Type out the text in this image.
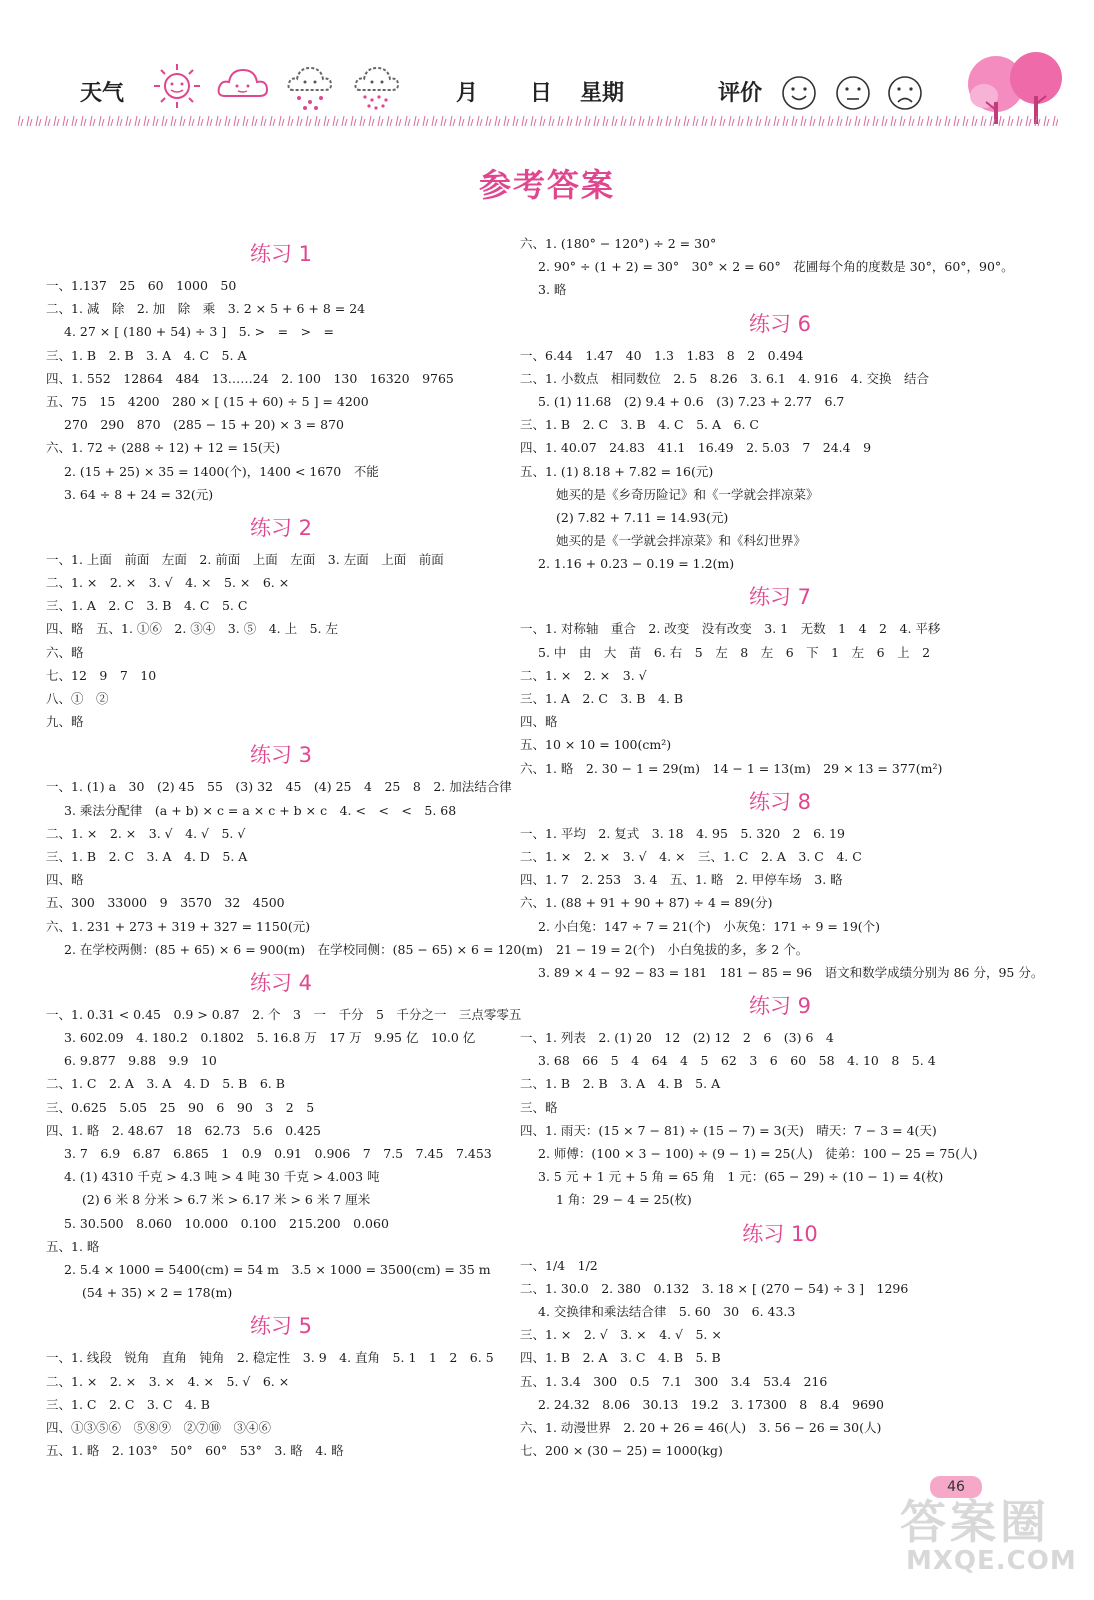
天气	月 日 星期	评价
参考答案
练习 1
一、1.137　25　60　1000　50
二、1. 减　除　2. 加　除　乘　3. 2 × 5 + 6 + 8 = 24
4. 27 × [ (180 + 54) ÷ 3 ]　5. >　=　>　=
三、1. B　2. B　3. A　4. C　5. A
四、1. 552　12864　484　13……24　2. 100　130　16320　9765
五、75　15　4200　280 × [ (15 + 60) ÷ 5 ] = 4200
270　290　870　(285 − 15 + 20) × 3 = 870
六、1. 72 ÷ (288 ÷ 12) + 12 = 15(天)
2. (15 + 25) × 35 = 1400(个)，1400 < 1670　不能
3. 64 ÷ 8 + 24 = 32(元)
练习 2
一、1. 上面　前面　左面　2. 前面　上面　左面　3. 左面　上面　前面
二、1. ×　2. ×　3. √　4. ×　5. ×　6. ×
三、1. A　2. C　3. B　4. C　5. C
四、略　五、1. ①⑥　2. ③④　3. ⑤　4. 上　5. 左
六、略
七、12　9　7　10
八、①　②
九、略
练习 3
一、1. (1) a　30　(2) 45　55　(3) 32　45　(4) 25　4　25　8　2. 加法结合律
3. 乘法分配律　(a + b) × c = a × c + b × c　4. <　<　<　5. 68
二、1. ×　2. ×　3. √　4. √　5. √
三、1. B　2. C　3. A　4. D　5. A
四、略
五、300　33000　9　3570　32　4500
六、1. 231 + 273 + 319 + 327 = 1150(元)
2. 在学校两侧：(85 + 65) × 6 = 900(m)　在学校同侧：(85 − 65) × 6 = 120(m)
练习 4
一、1. 0.31 < 0.45　0.9 > 0.87　2. 个　3　一　千分　5　千分之一　三点零零五
3. 602.09　4. 180.2　0.1802　5. 16.8 万　17 万　9.95 亿　10.0 亿
6. 9.877　9.88　9.9　10
二、1. C　2. A　3. A　4. D　5. B　6. B
三、0.625　5.05　25　90　6　90　3　2　5
四、1. 略　2. 48.67　18　62.73　5.6　0.425
3. 7　6.9　6.87　6.865　1　0.9　0.91　0.906　7　7.5　7.45　7.453
4. (1) 4310 千克 > 4.3 吨 > 4 吨 30 千克 > 4.003 吨
(2) 6 米 8 分米 > 6.7 米 > 6.17 米 > 6 米 7 厘米
5. 30.500　8.060　10.000　0.100　215.200　0.060
五、1. 略
2. 5.4 × 1000 = 5400(cm) = 54 m　3.5 × 1000 = 3500(cm) = 35 m
(54 + 35) × 2 = 178(m)
练习 5
一、1. 线段　锐角　直角　钝角　2. 稳定性　3. 9　4. 直角　5. 1　1　2　6. 5
二、1. ×　2. ×　3. ×　4. ×　5. √　6. ×
三、1. C　2. C　3. C　4. B
四、①③⑤⑥　⑤⑧⑨　②⑦⑩　③④⑥
五、1. 略　2. 103°　50°　60°　53°　3. 略　4. 略
六、1. (180° − 120°) ÷ 2 = 30°
2. 90° ÷ (1 + 2) = 30°　30° × 2 = 60°　花圃每个角的度数是 30°，60°，90°。
3. 略
练习 6
一、6.44　1.47　40　1.3　1.83　8　2　0.494
二、1. 小数点　相同数位　2. 5　8.26　3. 6.1　4. 916　4. 交换　结合
5. (1) 11.68　(2) 9.4 + 0.6　(3) 7.23 + 2.77　6.7
三、1. B　2. C　3. B　4. C　5. A　6. C
四、1. 40.07　24.83　41.1　16.49　2. 5.03　7　24.4　9
五、1. (1) 8.18 + 7.82 = 16(元)
她买的是《乡奇历险记》和《一学就会拌凉菜》
(2) 7.82 + 7.11 = 14.93(元)
她买的是《一学就会拌凉菜》和《科幻世界》
2. 1.16 + 0.23 − 0.19 = 1.2(m)
练习 7
一、1. 对称轴　重合　2. 改变　没有改变　3. 1　无数　1　4　2　4. 平移
5. 中　由　大　苗　6. 右　5　左　8　左　6　下　1　左　6　上　2
二、1. ×　2. ×　3. √
三、1. A　2. C　3. B　4. B
四、略
五、10 × 10 = 100(cm²)
六、1. 略　2. 30 − 1 = 29(m)　14 − 1 = 13(m)　29 × 13 = 377(m²)
练习 8
一、1. 平均　2. 复式　3. 18　4. 95　5. 320　2　6. 19
二、1. ×　2. ×　3. √　4. ×　三、1. C　2. A　3. C　4. C
四、1. 7　2. 253　3. 4　五、1. 略　2. 甲停车场　3. 略
六、1. (88 + 91 + 90 + 87) ÷ 4 = 89(分)
2. 小白兔：147 ÷ 7 = 21(个)　小灰兔：171 ÷ 9 = 19(个)
21 − 19 = 2(个)　小白兔拔的多，多 2 个。
3. 89 × 4 − 92 − 83 = 181　181 − 85 = 96　语文和数学成绩分别为 86 分，95 分。
练习 9
一、1. 列表　2. (1) 20　12　(2) 12　2　6　(3) 6　4
3. 68　66　5　4　64　4　5　62　3　6　60　58　4. 10　8　5. 4
二、1. B　2. B　3. A　4. B　5. A
三、略
四、1. 雨天：(15 × 7 − 81) ÷ (15 − 7) = 3(天)　晴天：7 − 3 = 4(天)
2. 师傅：(100 × 3 − 100) ÷ (9 − 1) = 25(人)　徒弟：100 − 25 = 75(人)
3. 5 元 + 1 元 + 5 角 = 65 角　1 元：(65 − 29) ÷ (10 − 1) = 4(枚)
1 角：29 − 4 = 25(枚)
练习 10
一、1/4　1/2
二、1. 30.0　2. 380　0.132　3. 18 × [ (270 − 54) ÷ 3 ]　1296
4. 交换律和乘法结合律　5. 60　30　6. 43.3
三、1. ×　2. √　3. ×　4. √　5. ×
四、1. B　2. A　3. C　4. B　5. B
五、1. 3.4　300　0.5　7.1　300　3.4　53.4　216
2. 24.32　8.06　30.13　19.2　3. 17300　8　8.4　9690
六、1. 动漫世界　2. 20 + 26 = 46(人)　3. 56 − 26 = 30(人)
七、200 × (30 − 25) = 1000(kg)
46
答案圈
MXQE.COM
